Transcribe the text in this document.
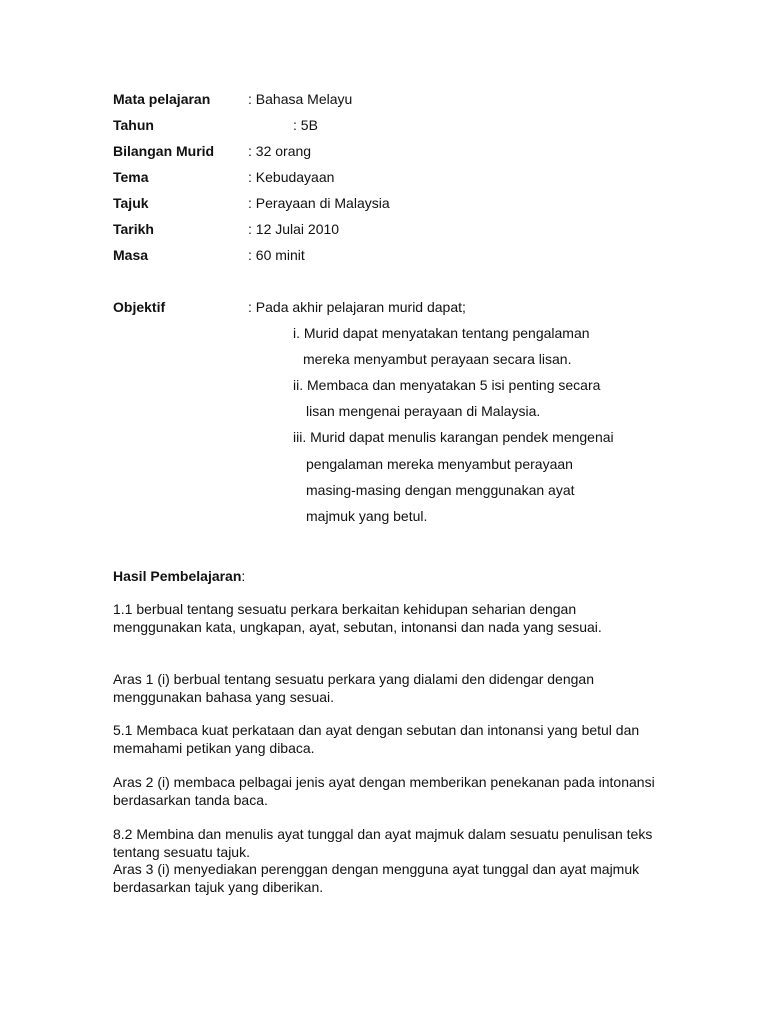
Mata pelajaran	: Bahasa Melayu
Tahun	: 5B
Bilangan Murid : 32 orang
Tema	: Kebudayaan
Tajuk	: Perayaan di Malaysia
Tarikh	: 12 Julai 2010
Masa	: 60 minit
Objektif	: Pada akhir pelajaran murid dapat;
i. Murid dapat menyatakan tentang pengalaman
mereka menyambut perayaan secara lisan.
ii. Membaca dan menyatakan 5 isi penting secara
lisan mengenai perayaan di Malaysia.
iii. Murid dapat menulis karangan pendek mengenai
pengalaman mereka menyambut perayaan
masing-masing dengan menggunakan ayat
majmuk yang betul.
Hasil Pembelajaran:

1.1 berbual tentang sesuatu perkara berkaitan kehidupan seharian dengan menggunakan kata, ungkapan, ayat, sebutan, intonansi dan nada yang sesuai.

Aras 1 (i) berbual tentang sesuatu perkara yang dialami den didengar dengan menggunakan bahasa yang sesuai.

5.1 Membaca kuat perkataan dan ayat dengan sebutan dan intonansi yang betul dan memahami petikan yang dibaca.

Aras 2 (i) membaca pelbagai jenis ayat dengan memberikan penekanan pada intonansi berdasarkan tanda baca.

8.2 Membina dan menulis ayat tunggal dan ayat majmuk dalam sesuatu penulisan teks tentang sesuatu tajuk.

Aras 3 (i) menyediakan perenggan dengan mengguna ayat tunggal dan ayat majmuk berdasarkan tajuk yang diberikan.
